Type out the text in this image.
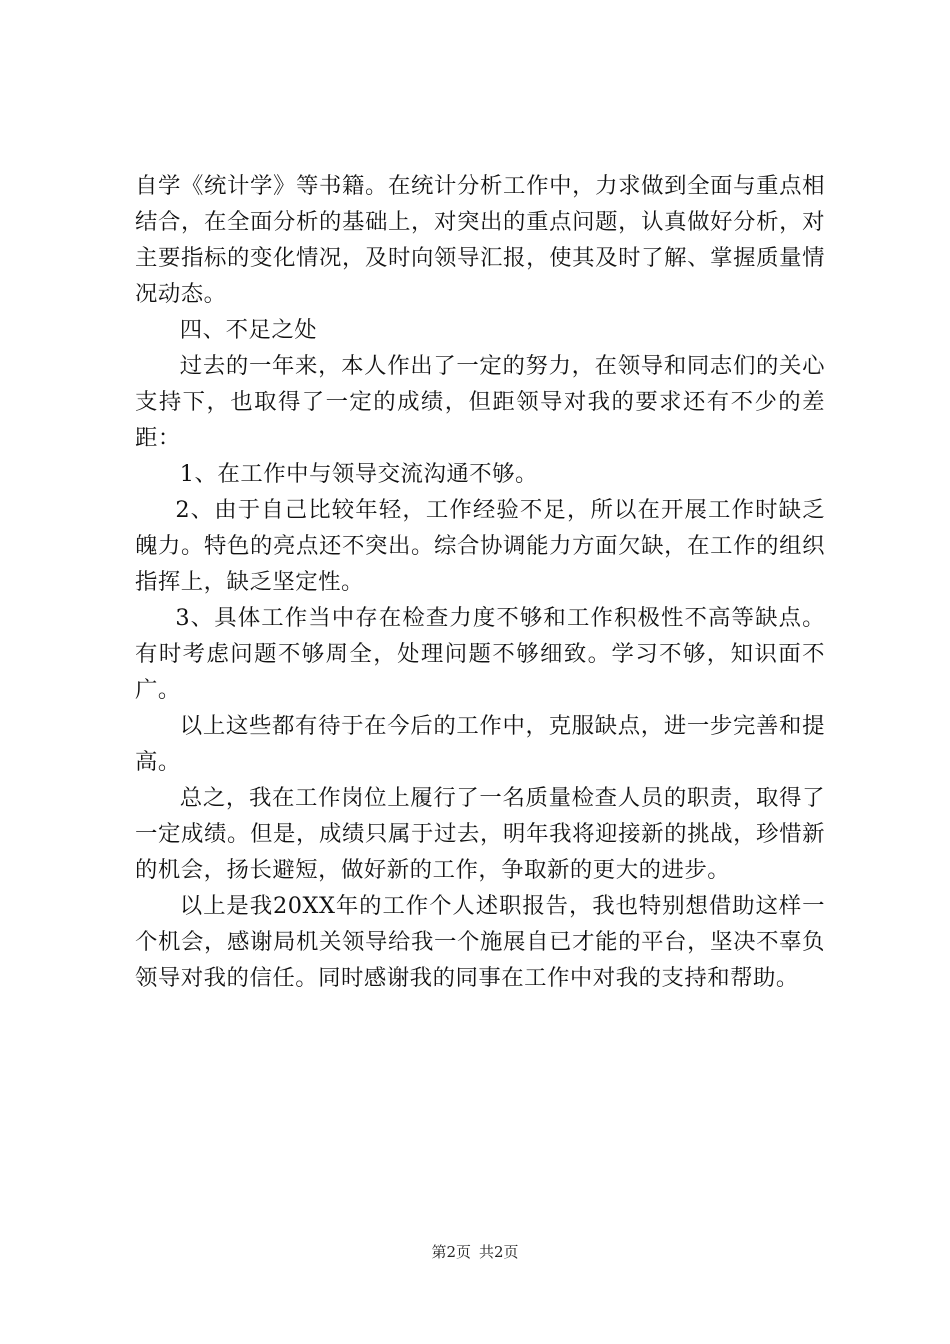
自学《统计学》等书籍。在统计分析工作中，力求做到全面与重点相结合，在全面分析的基础上，对突出的重点问题，认真做好分析，对主要指标的变化情况，及时向领导汇报，使其及时了解、掌握质量情况动态。

四、不足之处

过去的一年来，本人作出了一定的努力，在领导和同志们的关心支持下，也取得了一定的成绩，但距领导对我的要求还有不少的差距：

1、在工作中与领导交流沟通不够。

2、由于自己比较年轻，工作经验不足，所以在开展工作时缺乏魄力。特色的亮点还不突出。综合协调能力方面欠缺，在工作的组织指挥上，缺乏坚定性。

3、具体工作当中存在检查力度不够和工作积极性不高等缺点。有时考虑问题不够周全，处理问题不够细致。学习不够，知识面不广。

以上这些都有待于在今后的工作中，克服缺点，进一步完善和提高。

总之，我在工作岗位上履行了一名质量检查人员的职责，取得了一定成绩。但是，成绩只属于过去，明年我将迎接新的挑战，珍惜新的机会，扬长避短，做好新的工作，争取新的更大的进步。

以上是我20XX年的工作个人述职报告，我也特别想借助这样一个机会，感谢局机关领导给我一个施展自已才能的平台，坚决不辜负领导对我的信任。同时感谢我的同事在工作中对我的支持和帮助。

第2页 共2页
